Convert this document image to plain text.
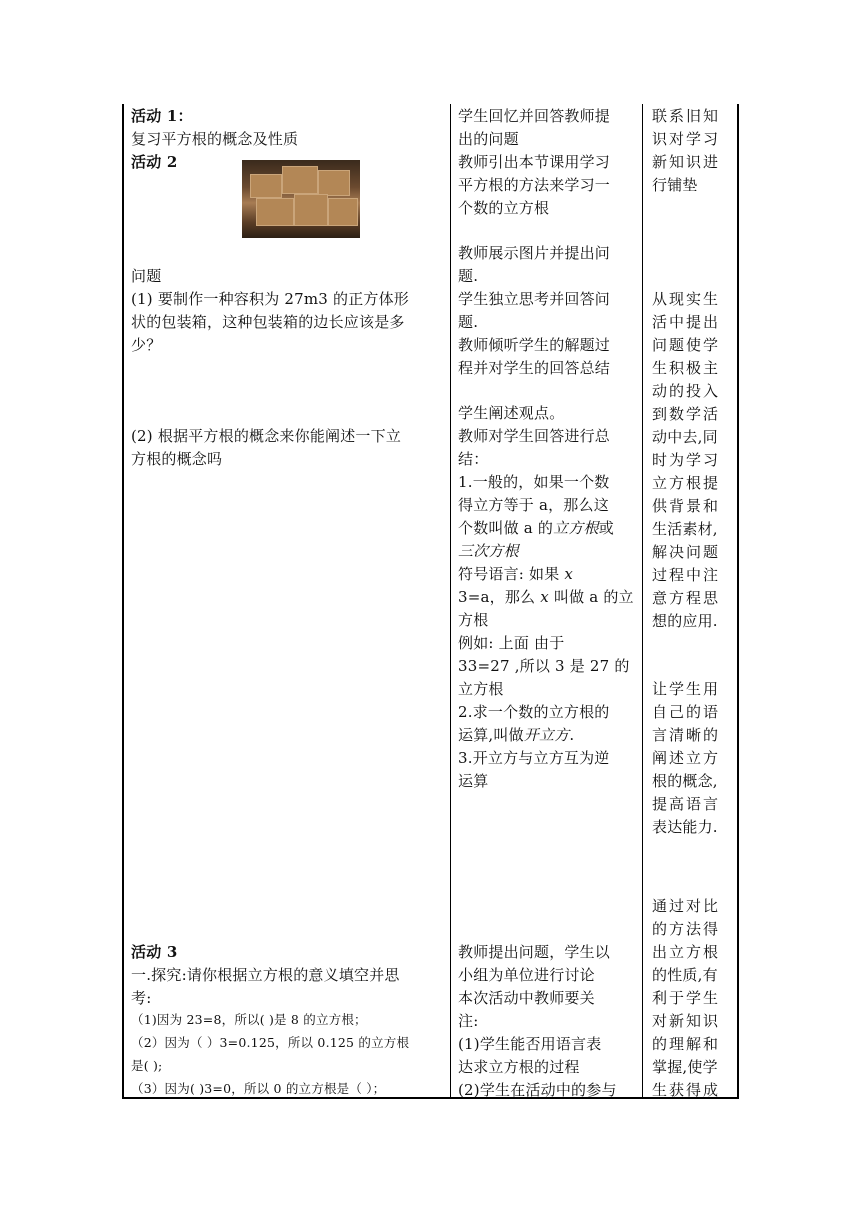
活动 1：
复习平方根的概念及性质
活动 2
问题
(1) 要制作一种容积为 27m3 的正方体形
状的包装箱，这种包装箱的边长应该是多
少？
(2) 根据平方根的概念来你能阐述一下立
方根的概念吗
活动 3
一.探究:请你根据立方根的意义填空并思
考:
（1)因为 23=8，所以( )是 8 的立方根；
（2）因为（ ）3=0.125，所以 0.125 的立方根
是( );
（3）因为( )3=0，所以 0 的立方根是（ ）；
学生回忆并回答教师提
出的问题
教师引出本节课用学习
平方根的方法来学习一
个数的立方根
教师展示图片并提出问
题.
学生独立思考并回答问
题.
教师倾听学生的解题过
程并对学生的回答总结
学生阐述观点。
教师对学生回答进行总
结：
1.一般的，如果一个数
得立方等于 a，那么这
个数叫做 a 的立方根或
三次方根
符号语言: 如果 x
3=a，那么 x 叫做 a 的立
方根
例如: 上面 由于
33=27 ,所以 3 是 27 的
立方根
2.求一个数的立方根的
运算,叫做开立方.
3.开立方与立方互为逆
运算
教师提出问题，学生以
小组为单位进行讨论
本次活动中教师要关
注:
(1)学生能否用语言表
达求立方根的过程
(2)学生在活动中的参与
联系旧知
识对学习
新知识进
行铺垫
从现实生
活中提出
问题使学
生积极主
动的投入
到数学活
动中去,同
时为学习
立方根提
供背景和
生活素材,
解决问题
过程中注
意方程思
想的应用.
让学生用
自己的语
言清晰的
阐述立方
根的概念,
提高语言
表达能力.
通过对比
的方法得
出立方根
的性质,有
利于学生
对新知识
的理解和
掌握,使学
生获得成
